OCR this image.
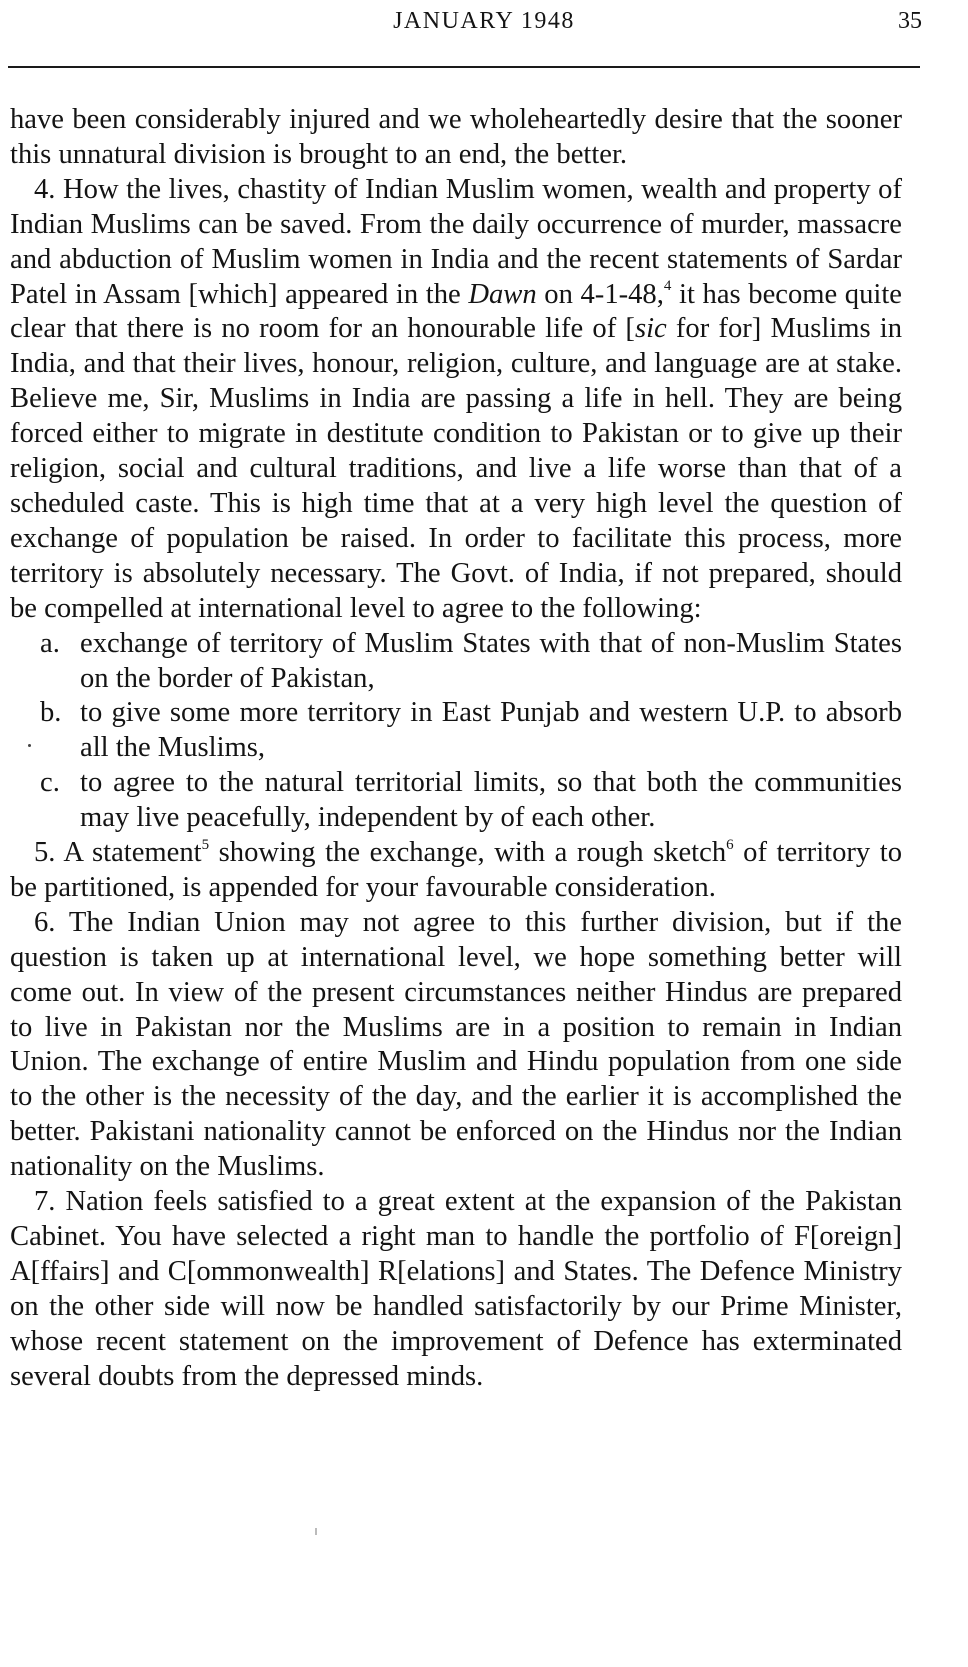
JANUARY 1948	35

have been considerably injured and we wholeheartedly desire that the sooner this unnatural division is brought to an end, the better.

4. How the lives, chastity of Indian Muslim women, wealth and property of Indian Muslims can be saved. From the daily occurrence of murder, massacre and abduction of Muslim women in India and the recent statements of Sardar Patel in Assam [which] appeared in the Dawn on 4-1-48,$^4$ it has become quite clear that there is no room for an honourable life of [sic for for] Muslims in India, and that their lives, honour, religion, culture, and language are at stake. Believe me, Sir, Muslims in India are passing a life in hell. They are being forced either to migrate in destitute condition to Pakistan or to give up their religion, social and cultural traditions, and live a life worse than that of a scheduled caste. This is high time that at a very high level the question of exchange of population be raised. In order to facilitate this process, more territory is absolutely necessary. The Govt. of India, if not prepared, should be compelled at international level to agree to the following:

a. exchange of territory of Muslim States with that of non-Muslim States on the border of Pakistan,
b. to give some more territory in East Punjab and western U.P. to absorb all the Muslims,
c. to agree to the natural territorial limits, so that both the communities may live peacefully, independent by of each other.

5. A statement$^5$ showing the exchange, with a rough sketch$^6$ of territory to be partitioned, is appended for your favourable consideration.

6. The Indian Union may not agree to this further division, but if the question is taken up at international level, we hope something better will come out. In view of the present circumstances neither Hindus are prepared to live in Pakistan nor the Muslims are in a position to remain in Indian Union. The exchange of entire Muslim and Hindu population from one side to the other is the necessity of the day, and the earlier it is accomplished the better. Pakistani nationality cannot be enforced on the Hindus nor the Indian nationality on the Muslims.

7. Nation feels satisfied to a great extent at the expansion of the Pakistan Cabinet. You have selected a right man to handle the portfolio of F[oreign] A[ffairs] and C[ommonwealth] R[elations] and States. The Defence Ministry on the other side will now be handled satisfactorily by our Prime Minister, whose recent statement on the improvement of Defence has exterminated several doubts from the depressed minds.
